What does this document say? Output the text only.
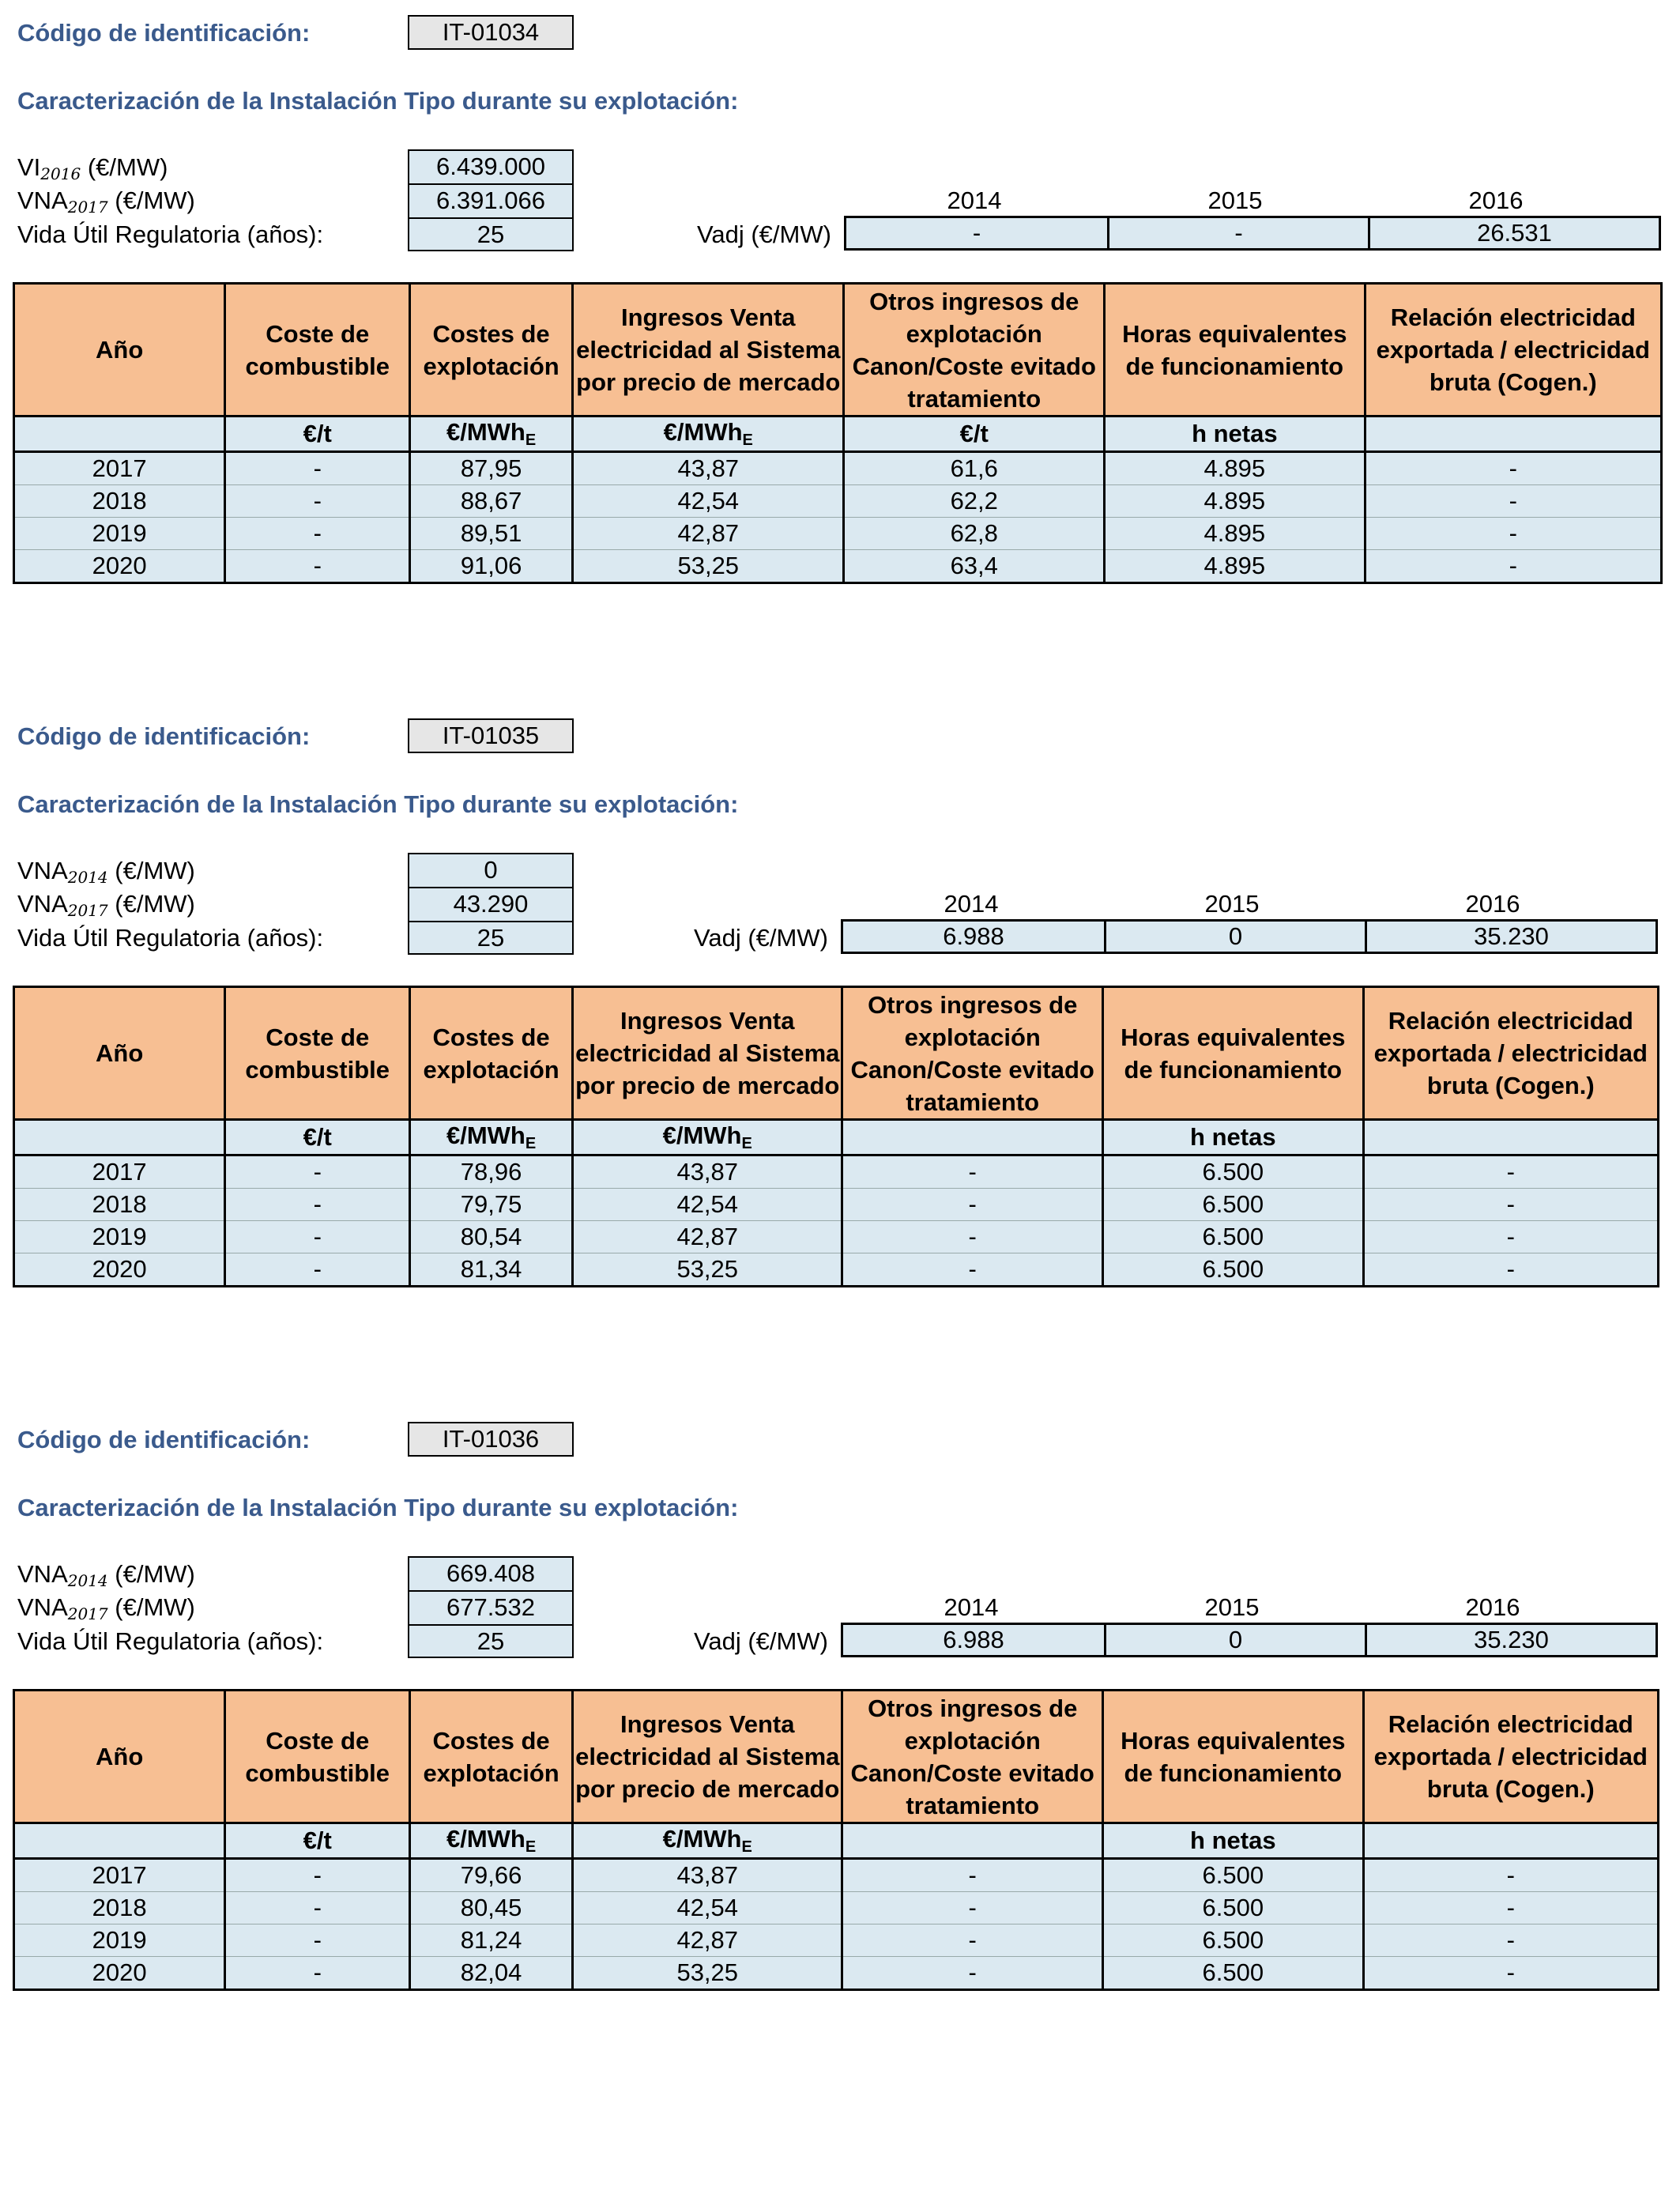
Código de identificación:	IT-01034
Caracterización de la Instalación Tipo durante su explotación:
$VI_{2016}$ (€/MW)	6.439.000
$VNA_{2017}$ (€/MW)	6.391.066
Vida Útil Regulatoria (años):	25
2014	2015	2016
Vadj (€/MW)	-	-	26.531
Año	Coste de combustible	Costes de explotación	Ingresos Venta electricidad al Sistema por precio de mercado	Otros ingresos de explotación Canon/Coste evitado tratamiento	Horas equivalentes de funcionamiento	Relación electricidad exportada / electricidad bruta (Cogen.)
	€/t	€/MWh$_E$	€/MWh$_E$	€/t	h netas	
2017	-	87,95	43,87	61,6	4.895	-
2018	-	88,67	42,54	62,2	4.895	-
2019	-	89,51	42,87	62,8	4.895	-
2020	-	91,06	53,25	63,4	4.895	-
Código de identificación:	IT-01035
Caracterización de la Instalación Tipo durante su explotación:
$VNA_{2014}$ (€/MW)	0
$VNA_{2017}$ (€/MW)	43.290
Vida Útil Regulatoria (años):	25
2014	2015	2016
Vadj (€/MW)	6.988	0	35.230
Año	Coste de combustible	Costes de explotación	Ingresos Venta electricidad al Sistema por precio de mercado	Otros ingresos de explotación Canon/Coste evitado tratamiento	Horas equivalentes de funcionamiento	Relación electricidad exportada / electricidad bruta (Cogen.)
	€/t	€/MWh$_E$	€/MWh$_E$		h netas	
2017	-	78,96	43,87	-	6.500	-
2018	-	79,75	42,54	-	6.500	-
2019	-	80,54	42,87	-	6.500	-
2020	-	81,34	53,25	-	6.500	-
Código de identificación:	IT-01036
Caracterización de la Instalación Tipo durante su explotación:
$VNA_{2014}$ (€/MW)	669.408
$VNA_{2017}$ (€/MW)	677.532
Vida Útil Regulatoria (años):	25
2014	2015	2016
Vadj (€/MW)	6.988	0	35.230
Año	Coste de combustible	Costes de explotación	Ingresos Venta electricidad al Sistema por precio de mercado	Otros ingresos de explotación Canon/Coste evitado tratamiento	Horas equivalentes de funcionamiento	Relación electricidad exportada / electricidad bruta (Cogen.)
	€/t	€/MWh$_E$	€/MWh$_E$		h netas	
2017	-	79,66	43,87	-	6.500	-
2018	-	80,45	42,54	-	6.500	-
2019	-	81,24	42,87	-	6.500	-
2020	-	82,04	53,25	-	6.500	-
